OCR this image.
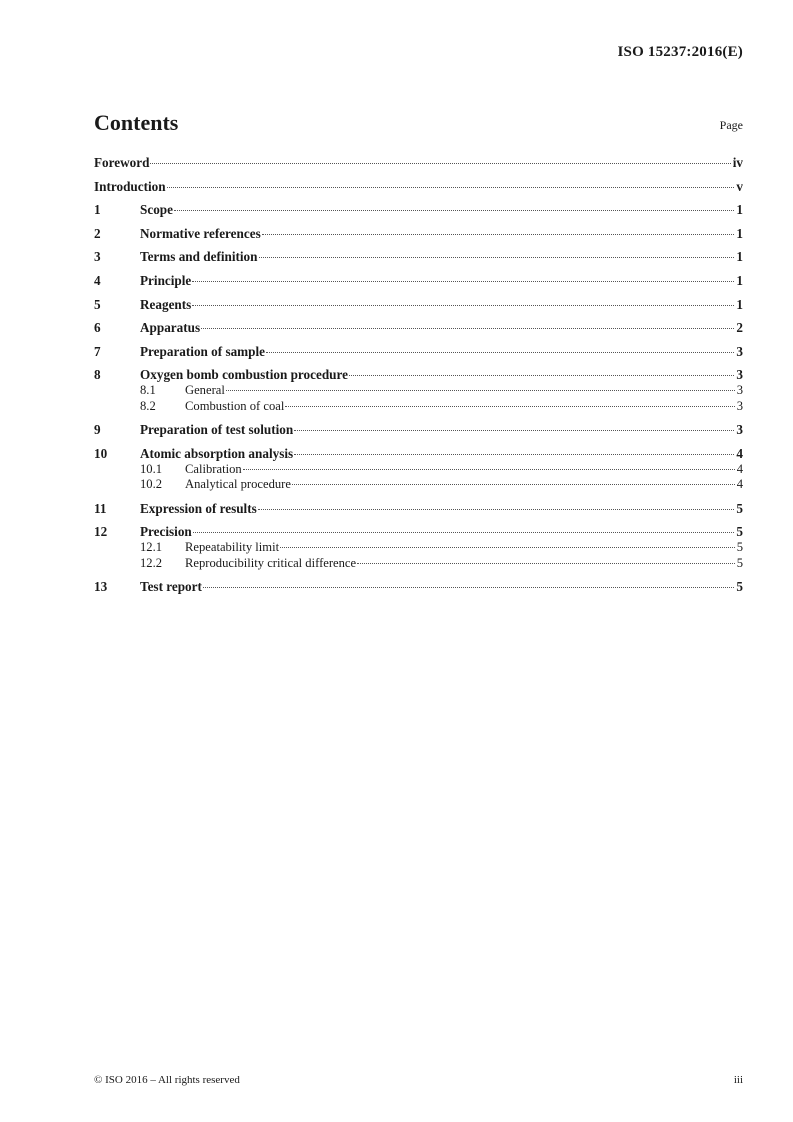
ISO 15237:2016(E)
Contents	Page
Foreword	iv
Introduction	v
1	Scope	1
2	Normative references	1
3	Terms and definition	1
4	Principle	1
5	Reagents	1
6	Apparatus	2
7	Preparation of sample	3
8	Oxygen bomb combustion procedure	3
8.1	General	3
8.2	Combustion of coal	3
9	Preparation of test solution	3
10	Atomic absorption analysis	4
10.1	Calibration	4
10.2	Analytical procedure	4
11	Expression of results	5
12	Precision	5
12.1	Repeatability limit	5
12.2	Reproducibility critical difference	5
13	Test report	5
© ISO 2016 – All rights reserved	iii
